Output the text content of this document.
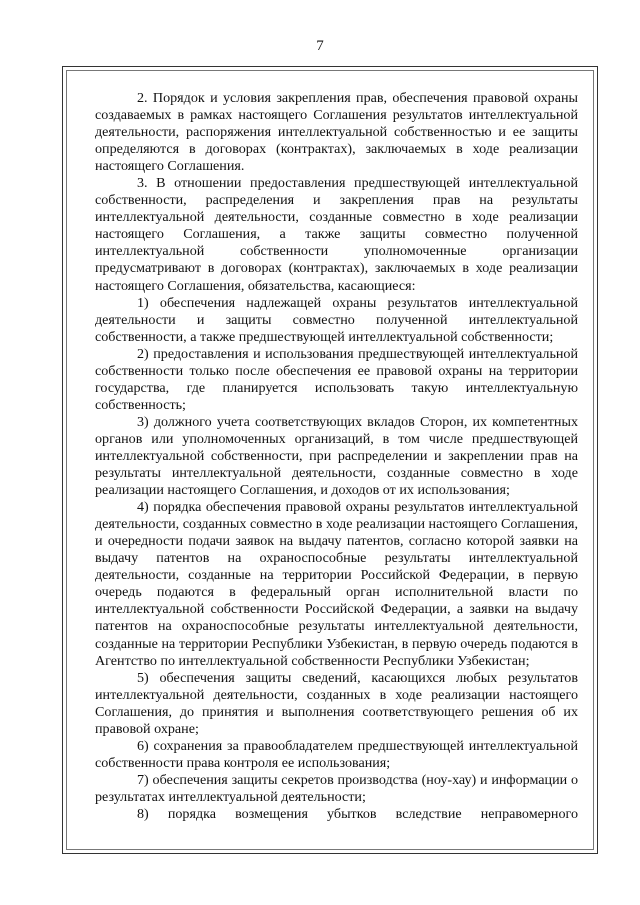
7

2. Порядок и условия закрепления прав, обеспечения правовой охраны создаваемых в рамках настоящего Соглашения результатов интеллектуальной деятельности, распоряжения интеллектуальной собственностью и ее защиты определяются в договорах (контрактах), заключаемых в ходе реализации настоящего Соглашения.

3. В отношении предоставления предшествующей интеллектуальной собственности, распределения и закрепления прав на результаты интеллектуальной деятельности, созданные совместно в ходе реализации настоящего Соглашения, а также защиты совместно полученной интеллектуальной собственности уполномоченные организации предусматривают в договорах (контрактах), заключаемых в ходе реализации настоящего Соглашения, обязательства, касающиеся:

1) обеспечения надлежащей охраны результатов интеллектуальной деятельности и защиты совместно полученной интеллектуальной собственности, а также предшествующей интеллектуальной собственности;

2) предоставления и использования предшествующей интеллектуальной собственности только после обеспечения ее правовой охраны на территории государства, где планируется использовать такую интеллектуальную собственность;

3) должного учета соответствующих вкладов Сторон, их компетентных органов или уполномоченных организаций, в том числе предшествующей интеллектуальной собственности, при распределении и закреплении прав на результаты интеллектуальной деятельности, созданные совместно в ходе реализации настоящего Соглашения, и доходов от их использования;

4) порядка обеспечения правовой охраны результатов интеллектуальной деятельности, созданных совместно в ходе реализации настоящего Соглашения, и очередности подачи заявок на выдачу патентов, согласно которой заявки на выдачу патентов на охраноспособные результаты интеллектуальной деятельности, созданные на территории Российской Федерации, в первую очередь подаются в федеральный орган исполнительной власти по интеллектуальной собственности Российской Федерации, а заявки на выдачу патентов на охраноспособные результаты интеллектуальной деятельности, созданные на территории Республики Узбекистан, в первую очередь подаются в Агентство по интеллектуальной собственности Республики Узбекистан;

5) обеспечения защиты сведений, касающихся любых результатов интеллектуальной деятельности, созданных в ходе реализации настоящего Соглашения, до принятия и выполнения соответствующего решения об их правовой охране;

6) сохранения за правообладателем предшествующей интеллектуальной собственности права контроля ее использования;

7) обеспечения защиты секретов производства (ноу-хау) и информации о результатах интеллектуальной деятельности;

8) порядка возмещения убытков вследствие неправомерного
